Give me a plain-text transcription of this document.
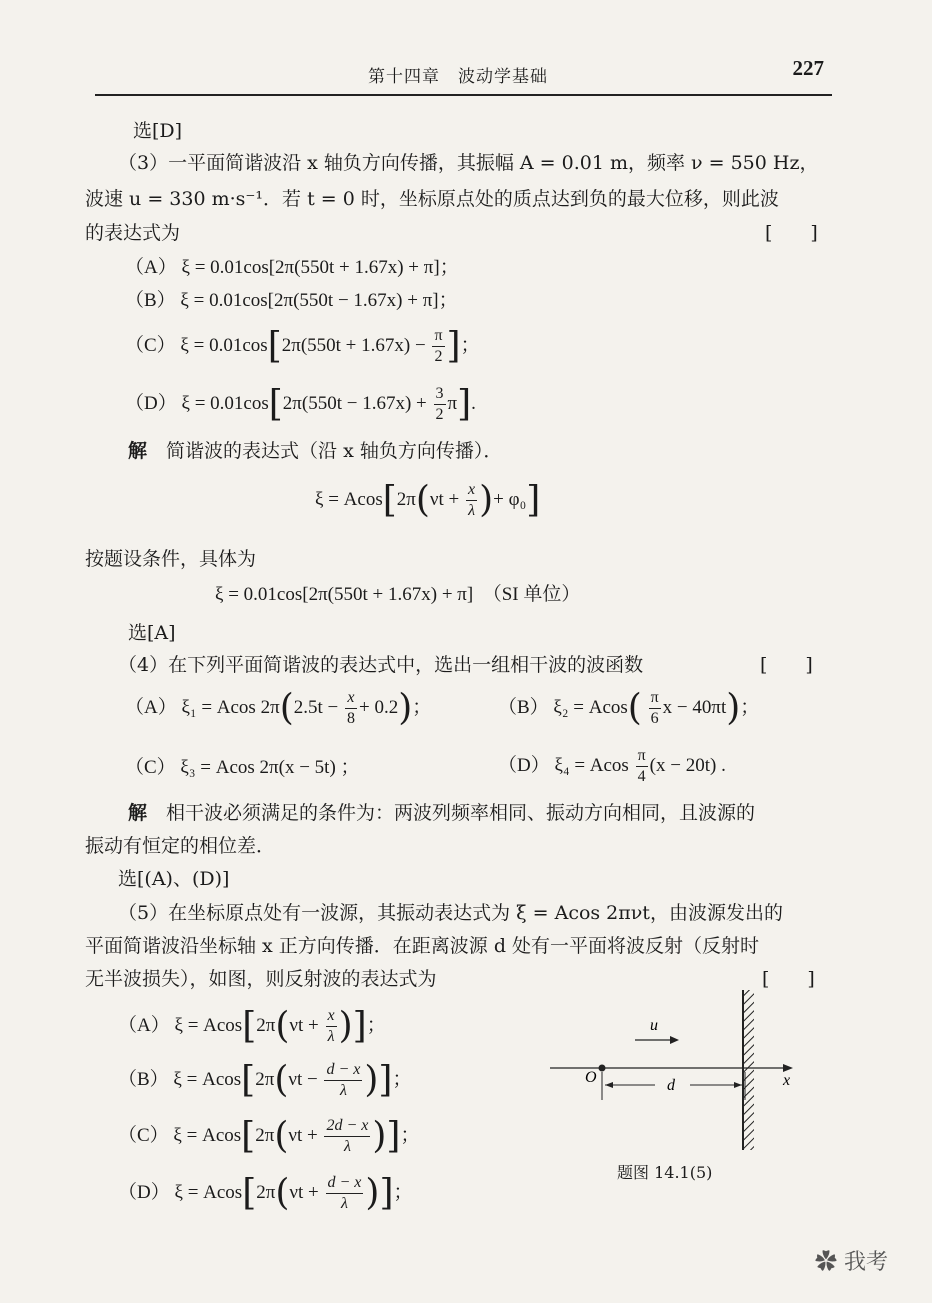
第十四章　 波动学基础	227
选[D]
（3）一平面简谐波沿 x 轴负方向传播，其振幅 A = 0.01 m，频率 ν = 550 Hz，
波速 u = 330 m·s⁻¹．若 t = 0 时，坐标原点处的质点达到负的最大位移，则此波
的表达式为	[　　]
（A） ξ = 0.01cos[2π(550t + 1.67x) + π]；
（B） ξ = 0.01cos[2π(550t − 1.67x) + π]；
（C） $\xi = 0.01\cos[2\pi(550t + 1.67x) - \frac{\pi}{2}$ ]；
（D） $\xi = 0.01\cos[2\pi(550t - 1.67x) + \frac{3}{2} \pi]$.
解　 简谐波的表达式（沿 x 轴负方向传播）．
$\xi = Acos[2\pi(\nu t + \frac{x}{\lambda}$ )+ φ₀]
按题设条件，具体为
ξ = 0.01cos[2π(550t + 1.67x) + π]　（SI 单位）
选[A]
（4）在下列平面简谐波的表达式中，选出一组相干波的波函数	[　　]
（A） ξ₁ = Acos $2\pi(2.5t - \frac{x}{8} + 0.2)$；	（B） $\xi_2 = Acos( \frac{\pi}{6}$ x − 40πt)；
（C） ξ₃ = Acos 2π(x − 5t) ；	（D） ξ₄ = Acos $\frac{\pi}{4} (x - 20t)$ .
解　 相干波必须满足的条件为：两波列频率相同、振动方向相同，且波源的
振动有恒定的相位差．
选[(A)、(D)]
（5）在坐标原点处有一波源，其振动表达式为 ξ = Acos 2πνt，由波源发出的
平面简谐波沿坐标轴 x 正方向传播．在距离波源 d 处有一平面将波反射（反射时
无半波损失），如图，则反射波的表达式为	[　　]
（A） $\xi = Acos[2\pi(\nu t + \frac{x}{\lambda}$ )]；
（B） $\xi = Acos[2\pi(\nu t - \frac{d - x}{\lambda}$ )]；
（C） $\xi = Acos[2\pi(\nu t + \frac{2d - x}{\lambda}$ )]；
（D） $\xi = Acos[2\pi(\nu t + \frac{d - x}{\lambda}$ )]；
u
O	d	x
题图 14.1(5)
✿ 我考
